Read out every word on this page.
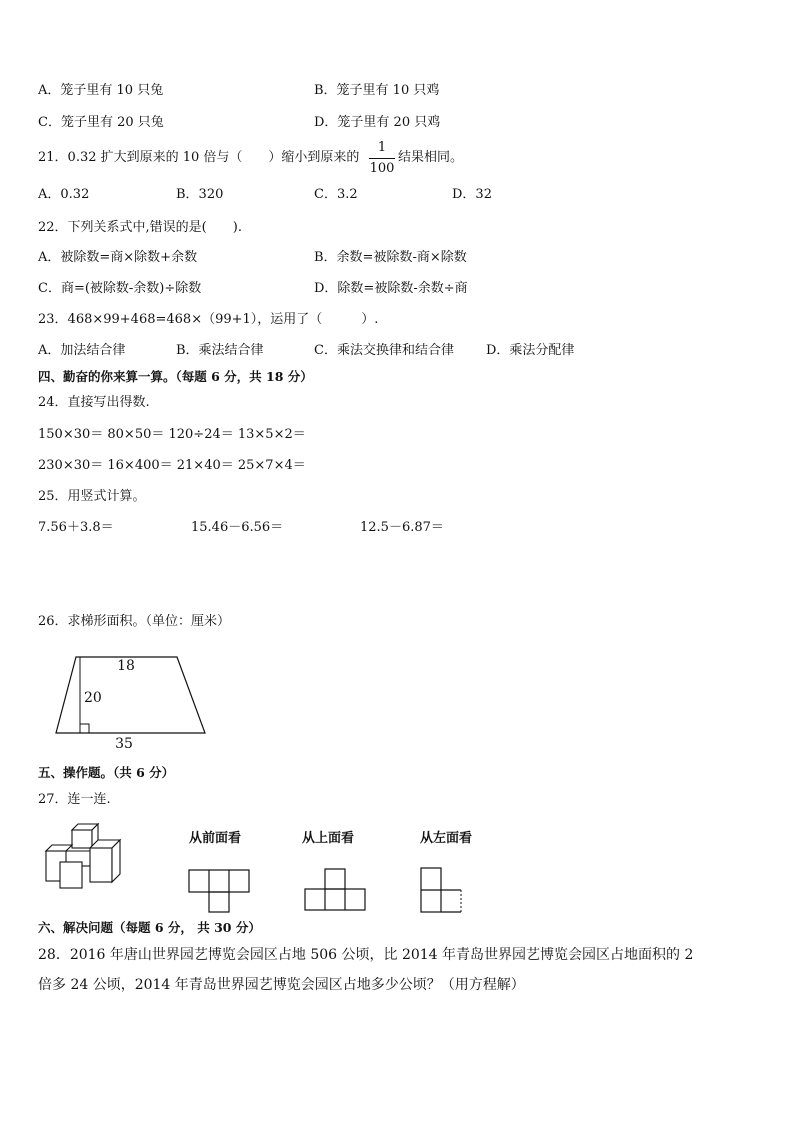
A．笼子里有 10 只兔	B．笼子里有 10 只鸡
C．笼子里有 20 只兔	D．笼子里有 20 只鸡
21．0.32 扩大到原来的 10 倍与（　　）缩小到原来的
1
100
结果相同。
A．0.32	B．320	C．3.2	D．32
22．下列关系式中,错误的是(　　).
A．被除数=商×除数+余数	B．余数=被除数-商×除数
C．商=(被除数-余数)÷除数	D．除数=被除数-余数÷商
23．468×99+468=468×（99+1），运用了（　　　）.
A．加法结合律	B．乘法结合律	C．乘法交换律和结合律 D．乘法分配律
四、勤奋的你来算一算。（每题 6 分，共 18 分）
24．直接写出得数.
150×30＝ 80×50＝ 120÷24＝ 13×5×2＝
230×30＝ 16×400＝ 21×40＝ 25×7×4＝
25．用竖式计算。
7.56＋3.8＝	15.46－6.56＝	12.5－6.87＝
26．求梯形面积。（单位：厘米）
18
20
35
五、操作题。（共 6 分）
27．连一连.
从前面看	从上面看	从左面看
六、解决问题（每题 6 分， 共 30 分）
28．2016 年唐山世界园艺博览会园区占地 506 公顷，比 2014 年青岛世界园艺博览会园区占地面积的 2
倍多 24 公顷，2014 年青岛世界园艺博览会园区占地多少公顷？（用方程解）
